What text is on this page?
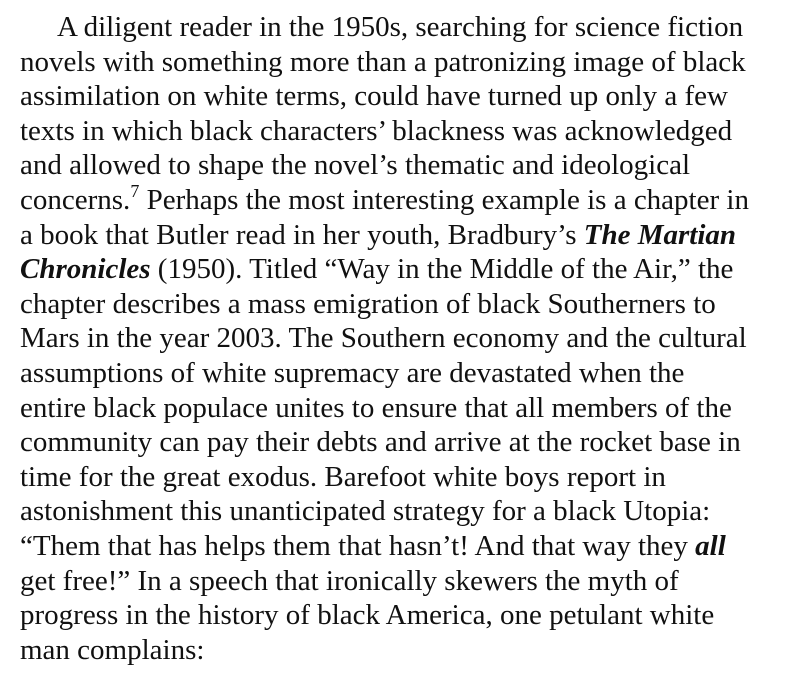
A diligent reader in the 1950s, searching for science fiction
novels with something more than a patronizing image of black
assimilation on white terms, could have turned up only a few
texts in which black characters’ blackness was acknowledged
and allowed to shape the novel’s thematic and ideological
concerns.$^7$ Perhaps the most interesting example is a chapter in
a book that Butler read in her youth, Bradbury’s The Martian
Chronicles (1950). Titled “Way in the Middle of the Air,” the
chapter describes a mass emigration of black Southerners to
Mars in the year 2003. The Southern economy and the cultural
assumptions of white supremacy are devastated when the
entire black populace unites to ensure that all members of the
community can pay their debts and arrive at the rocket base in
time for the great exodus. Barefoot white boys report in
astonishment this unanticipated strategy for a black Utopia:
“Them that has helps them that hasn’t! And that way they all
get free!” In a speech that ironically skewers the myth of
progress in the history of black America, one petulant white
man complains:
